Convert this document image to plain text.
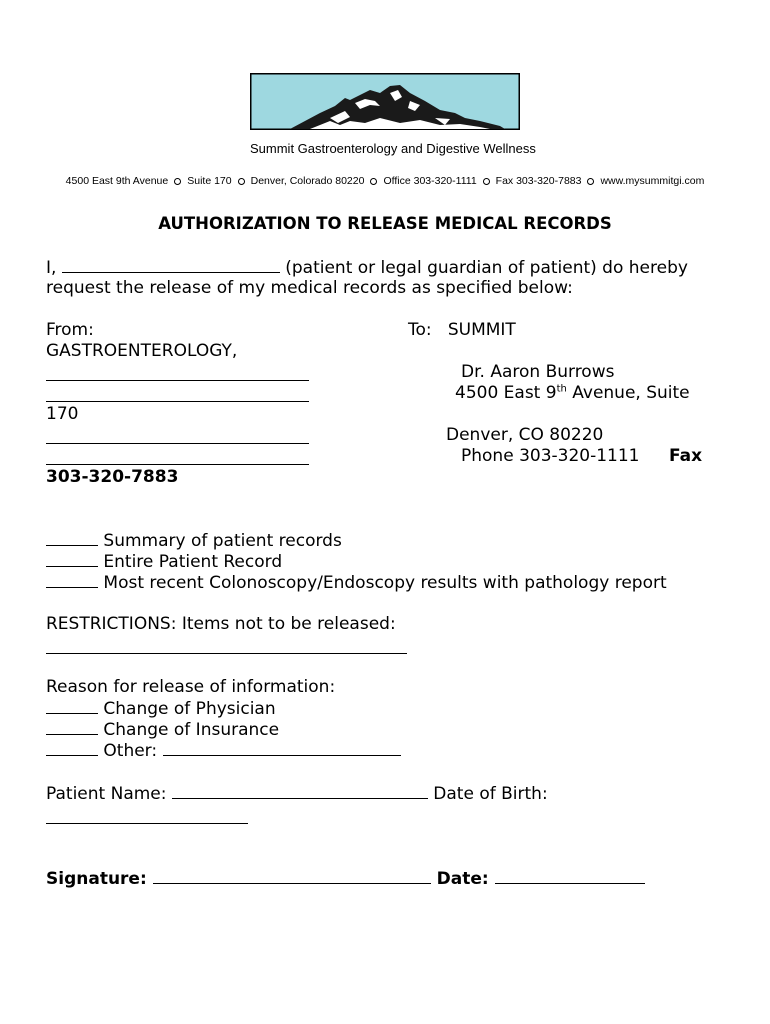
Summit Gastroenterology and Digestive Wellness
4500 East 9th Avenue Suite 170 Denver, Colorado 80220 Office 303-320-1111 Fax 303-320-7883 www.mysummitgi.com
AUTHORIZATION TO RELEASE MEDICAL RECORDS
I,	(patient or legal guardian of patient) do hereby
request the release of my medical records as specified below:
From:	To: SUMMIT
GASTROENTEROLOGY,
Dr. Aaron Burrows
4500 East 9th Avenue, Suite
170
Denver, CO 80220
Phone 303-320-1111 Fax
303-320-7883
Summary of patient records
Entire Patient Record
Most recent Colonoscopy/Endoscopy results with pathology report
RESTRICTIONS: Items not to be released:
Reason for release of information:
Change of Physician
Change of Insurance
Other:
Patient Name:	Date of Birth:
Signature:	Date:
